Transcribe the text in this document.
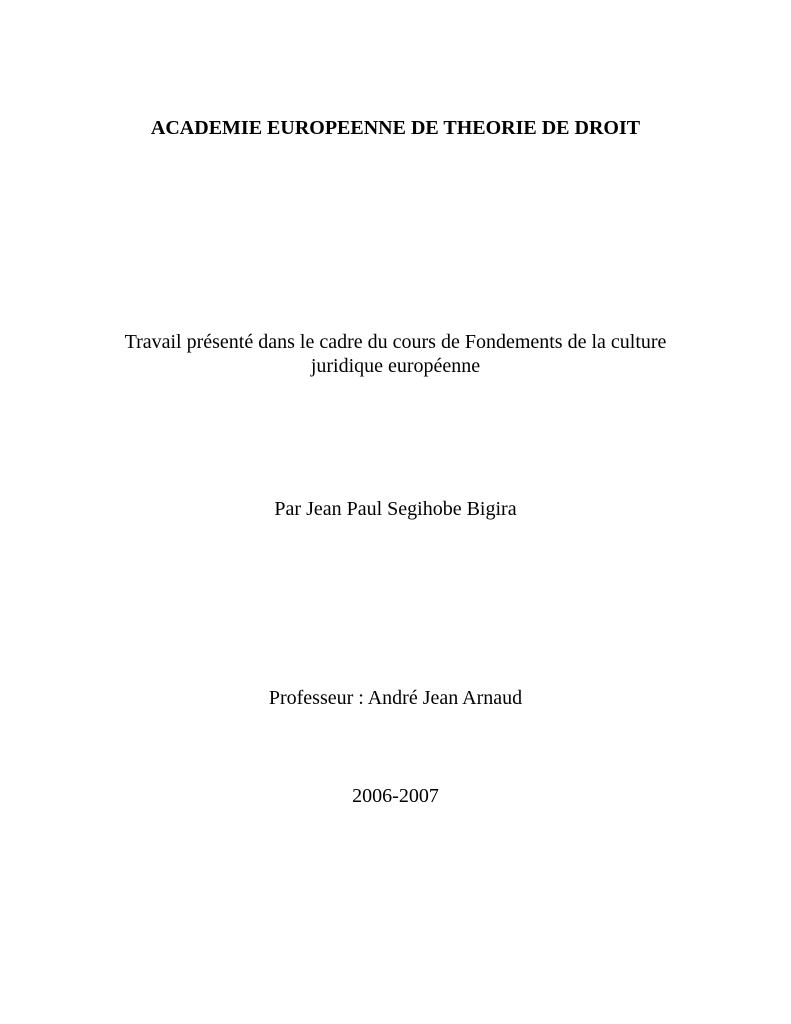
ACADEMIE EUROPEENNE DE THEORIE DE DROIT
Travail présenté dans le cadre du cours de Fondements de la culture
juridique européenne
Par Jean Paul Segihobe Bigira
Professeur : André Jean Arnaud
2006-2007
